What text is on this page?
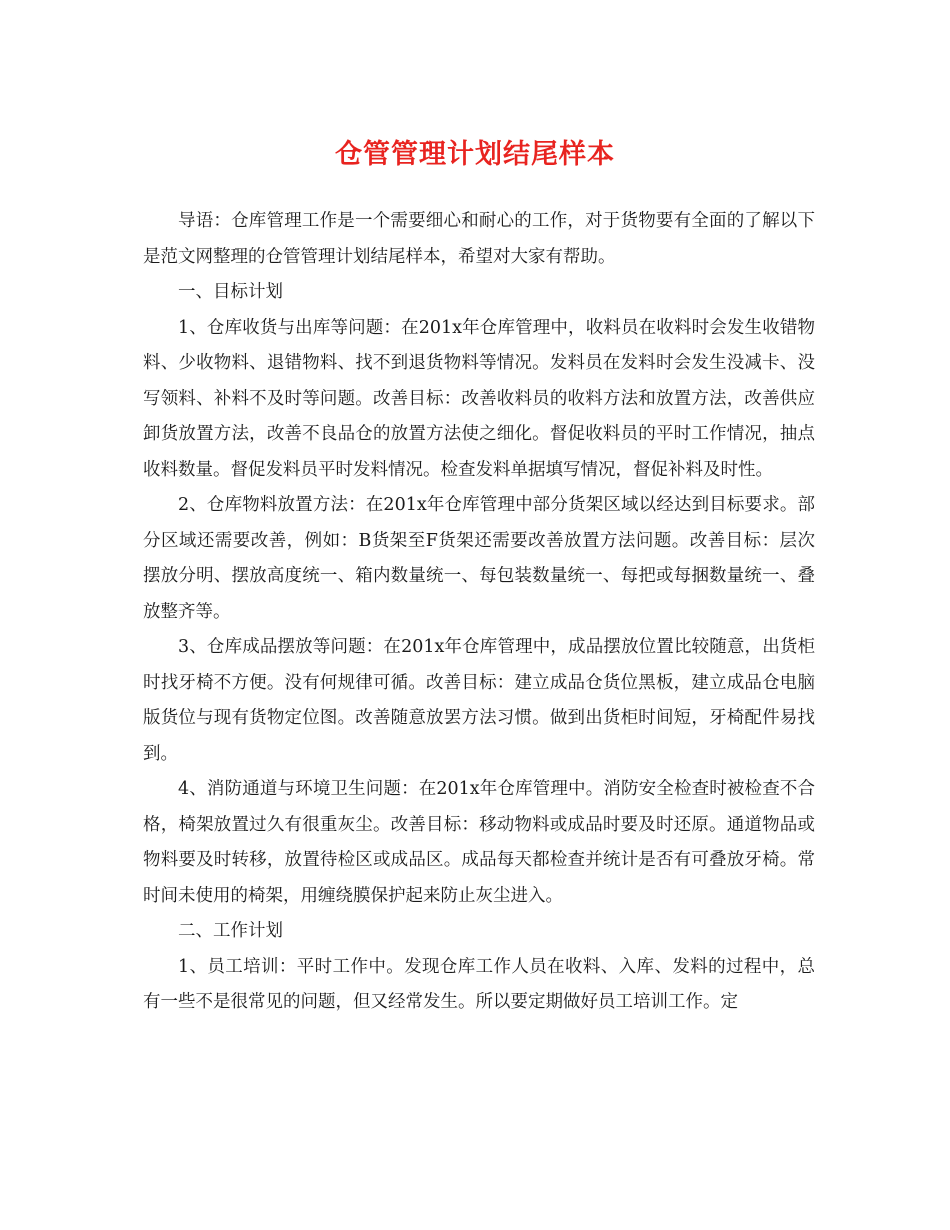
仓管管理计划结尾样本

导语：仓库管理工作是一个需要细心和耐心的工作，对于货物要有全面的了解以下是范文网整理的仓管管理计划结尾样本，希望对大家有帮助。

一、目标计划

1、仓库收货与出库等问题：在201x年仓库管理中，收料员在收料时会发生收错物料、少收物料、退错物料、找不到退货物料等情况。发料员在发料时会发生没减卡、没写领料、补料不及时等问题。改善目标：改善收料员的收料方法和放置方法，改善供应卸货放置方法，改善不良品仓的放置方法使之细化。督促收料员的平时工作情况，抽点收料数量。督促发料员平时发料情况。检查发料单据填写情况，督促补料及时性。

2、仓库物料放置方法：在201x年仓库管理中部分货架区域以经达到目标要求。部分区域还需要改善，例如：B货架至F货架还需要改善放置方法问题。改善目标：层次摆放分明、摆放高度统一、箱内数量统一、每包装数量统一、每把或每捆数量统一、叠放整齐等。

3、仓库成品摆放等问题：在201x年仓库管理中，成品摆放位置比较随意，出货柜时找牙椅不方便。没有何规律可循。改善目标：建立成品仓货位黑板，建立成品仓电脑版货位与现有货物定位图。改善随意放罢方法习惯。做到出货柜时间短，牙椅配件易找到。

4、消防通道与环境卫生问题：在201x年仓库管理中。消防安全检查时被检查不合格，椅架放置过久有很重灰尘。改善目标：移动物料或成品时要及时还原。通道物品或物料要及时转移，放置待检区或成品区。成品每天都检查并统计是否有可叠放牙椅。常时间未使用的椅架，用缠绕膜保护起来防止灰尘进入。

二、工作计划

1、员工培训：平时工作中。发现仓库工作人员在收料、入库、发料的过程中，总有一些不是很常见的问题，但又经常发生。所以要定期做好员工培训工作。定
